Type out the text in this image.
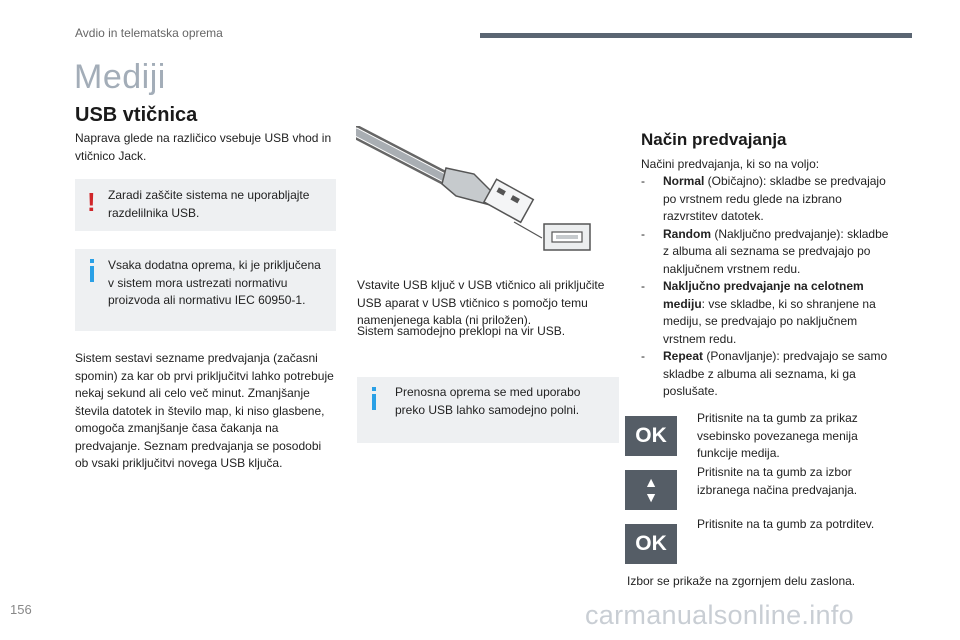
Avdio in telematska oprema
Mediji
USB vtičnica
Naprava glede na različico vsebuje USB vhod in vtičnico Jack.
! Zaradi zaščite sistema ne uporabljajte razdelilnika USB.
Vsaka dodatna oprema, ki je priključena v sistem mora ustrezati normativu proizvoda ali normativu IEC 60950-1.
Sistem sestavi sezname predvajanja (začasni spomin) za kar ob prvi priključitvi lahko potrebuje nekaj sekund ali celo več minut. Zmanjšanje števila datotek in število map, ki niso glasbene, omogoča zmanjšanje časa čakanja na predvajanje. Seznam predvajanja se posodobi ob vsaki priključitvi novega USB ključa.
Vstavite USB ključ v USB vtičnico ali priključite USB aparat v USB vtičnico s pomočjo temu namenjenega kabla (ni priložen).
Sistem samodejno preklopi na vir USB.
Prenosna oprema se med uporabo preko USB lahko samodejno polni.
Način predvajanja
Načini predvajanja, ki so na voljo:
- Normal (Običajno): skladbe se predvajajo po vrstnem redu glede na izbrano razvrstitev datotek.
- Random (Naključno predvajanje): skladbe z albuma ali seznama se predvajajo po naključnem vrstnem redu.
- Naključno predvajanje na celotnem mediju: vse skladbe, ki so shranjene na mediju, se predvajajo po naključnem vrstnem redu.
- Repeat (Ponavljanje): predvajajo se samo skladbe z albuma ali seznama, ki ga poslušate.
OK
Pritisnite na ta gumb za prikaz vsebinsko povezanega menija funkcije medija.
▲
▼
Pritisnite na ta gumb za izbor izbranega načina predvajanja.
OK
Pritisnite na ta gumb za potrditev.
Izbor se prikaže na zgornjem delu zaslona.
156	carmanualsonline.info
